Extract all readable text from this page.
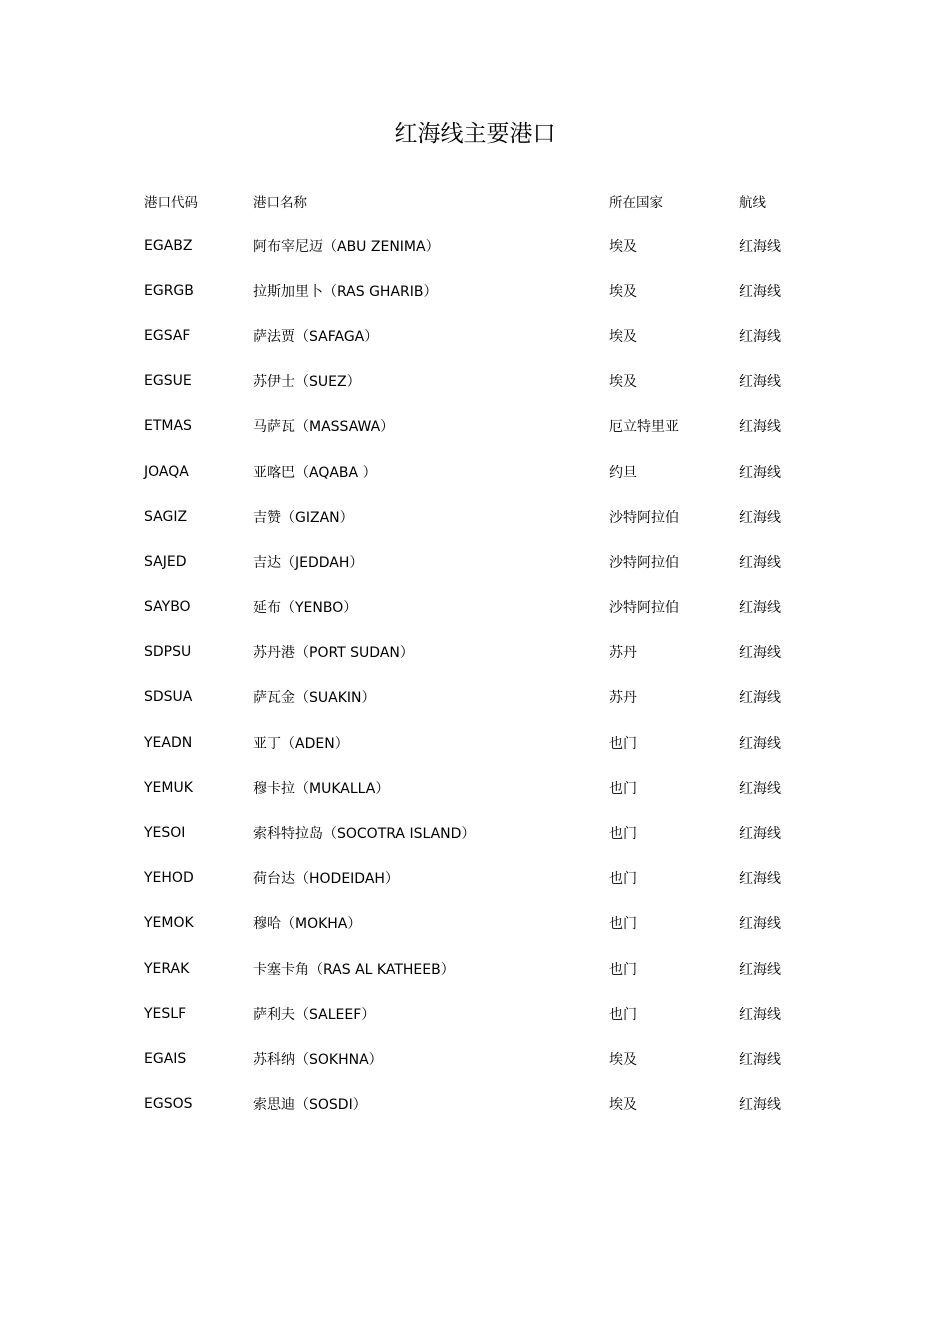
红海线主要港口
港口代码	港口名称	所在国家	航线
EGABZ	阿布宰尼迈（ABU ZENIMA）	埃及	红海线
EGRGB	拉斯加里卜（RAS GHARIB）	埃及	红海线
EGSAF	萨法贾（SAFAGA）	埃及	红海线
EGSUE	苏伊士（SUEZ）	埃及	红海线
ETMAS	马萨瓦（MASSAWA）	厄立特里亚	红海线
JOAQA	亚喀巴（AQABA ）	约旦	红海线
SAGIZ	吉赞（GIZAN）	沙特阿拉伯	红海线
SAJED	吉达（JEDDAH）	沙特阿拉伯	红海线
SAYBO	延布（YENBO）	沙特阿拉伯	红海线
SDPSU	苏丹港（PORT SUDAN）	苏丹	红海线
SDSUA	萨瓦金（SUAKIN）	苏丹	红海线
YEADN	亚丁（ADEN）	也门	红海线
YEMUK	穆卡拉（MUKALLA）	也门	红海线
YESOI	索科特拉岛（SOCOTRA ISLAND）	也门	红海线
YEHOD	荷台达（HODEIDAH）	也门	红海线
YEMOK	穆哈（MOKHA）	也门	红海线
YERAK	卡塞卡角（RAS AL KATHEEB）	也门	红海线
YESLF	萨利夫（SALEEF）	也门	红海线
EGAIS	苏科纳（SOKHNA）	埃及	红海线
EGSOS	索思迪（SOSDI）	埃及	红海线
